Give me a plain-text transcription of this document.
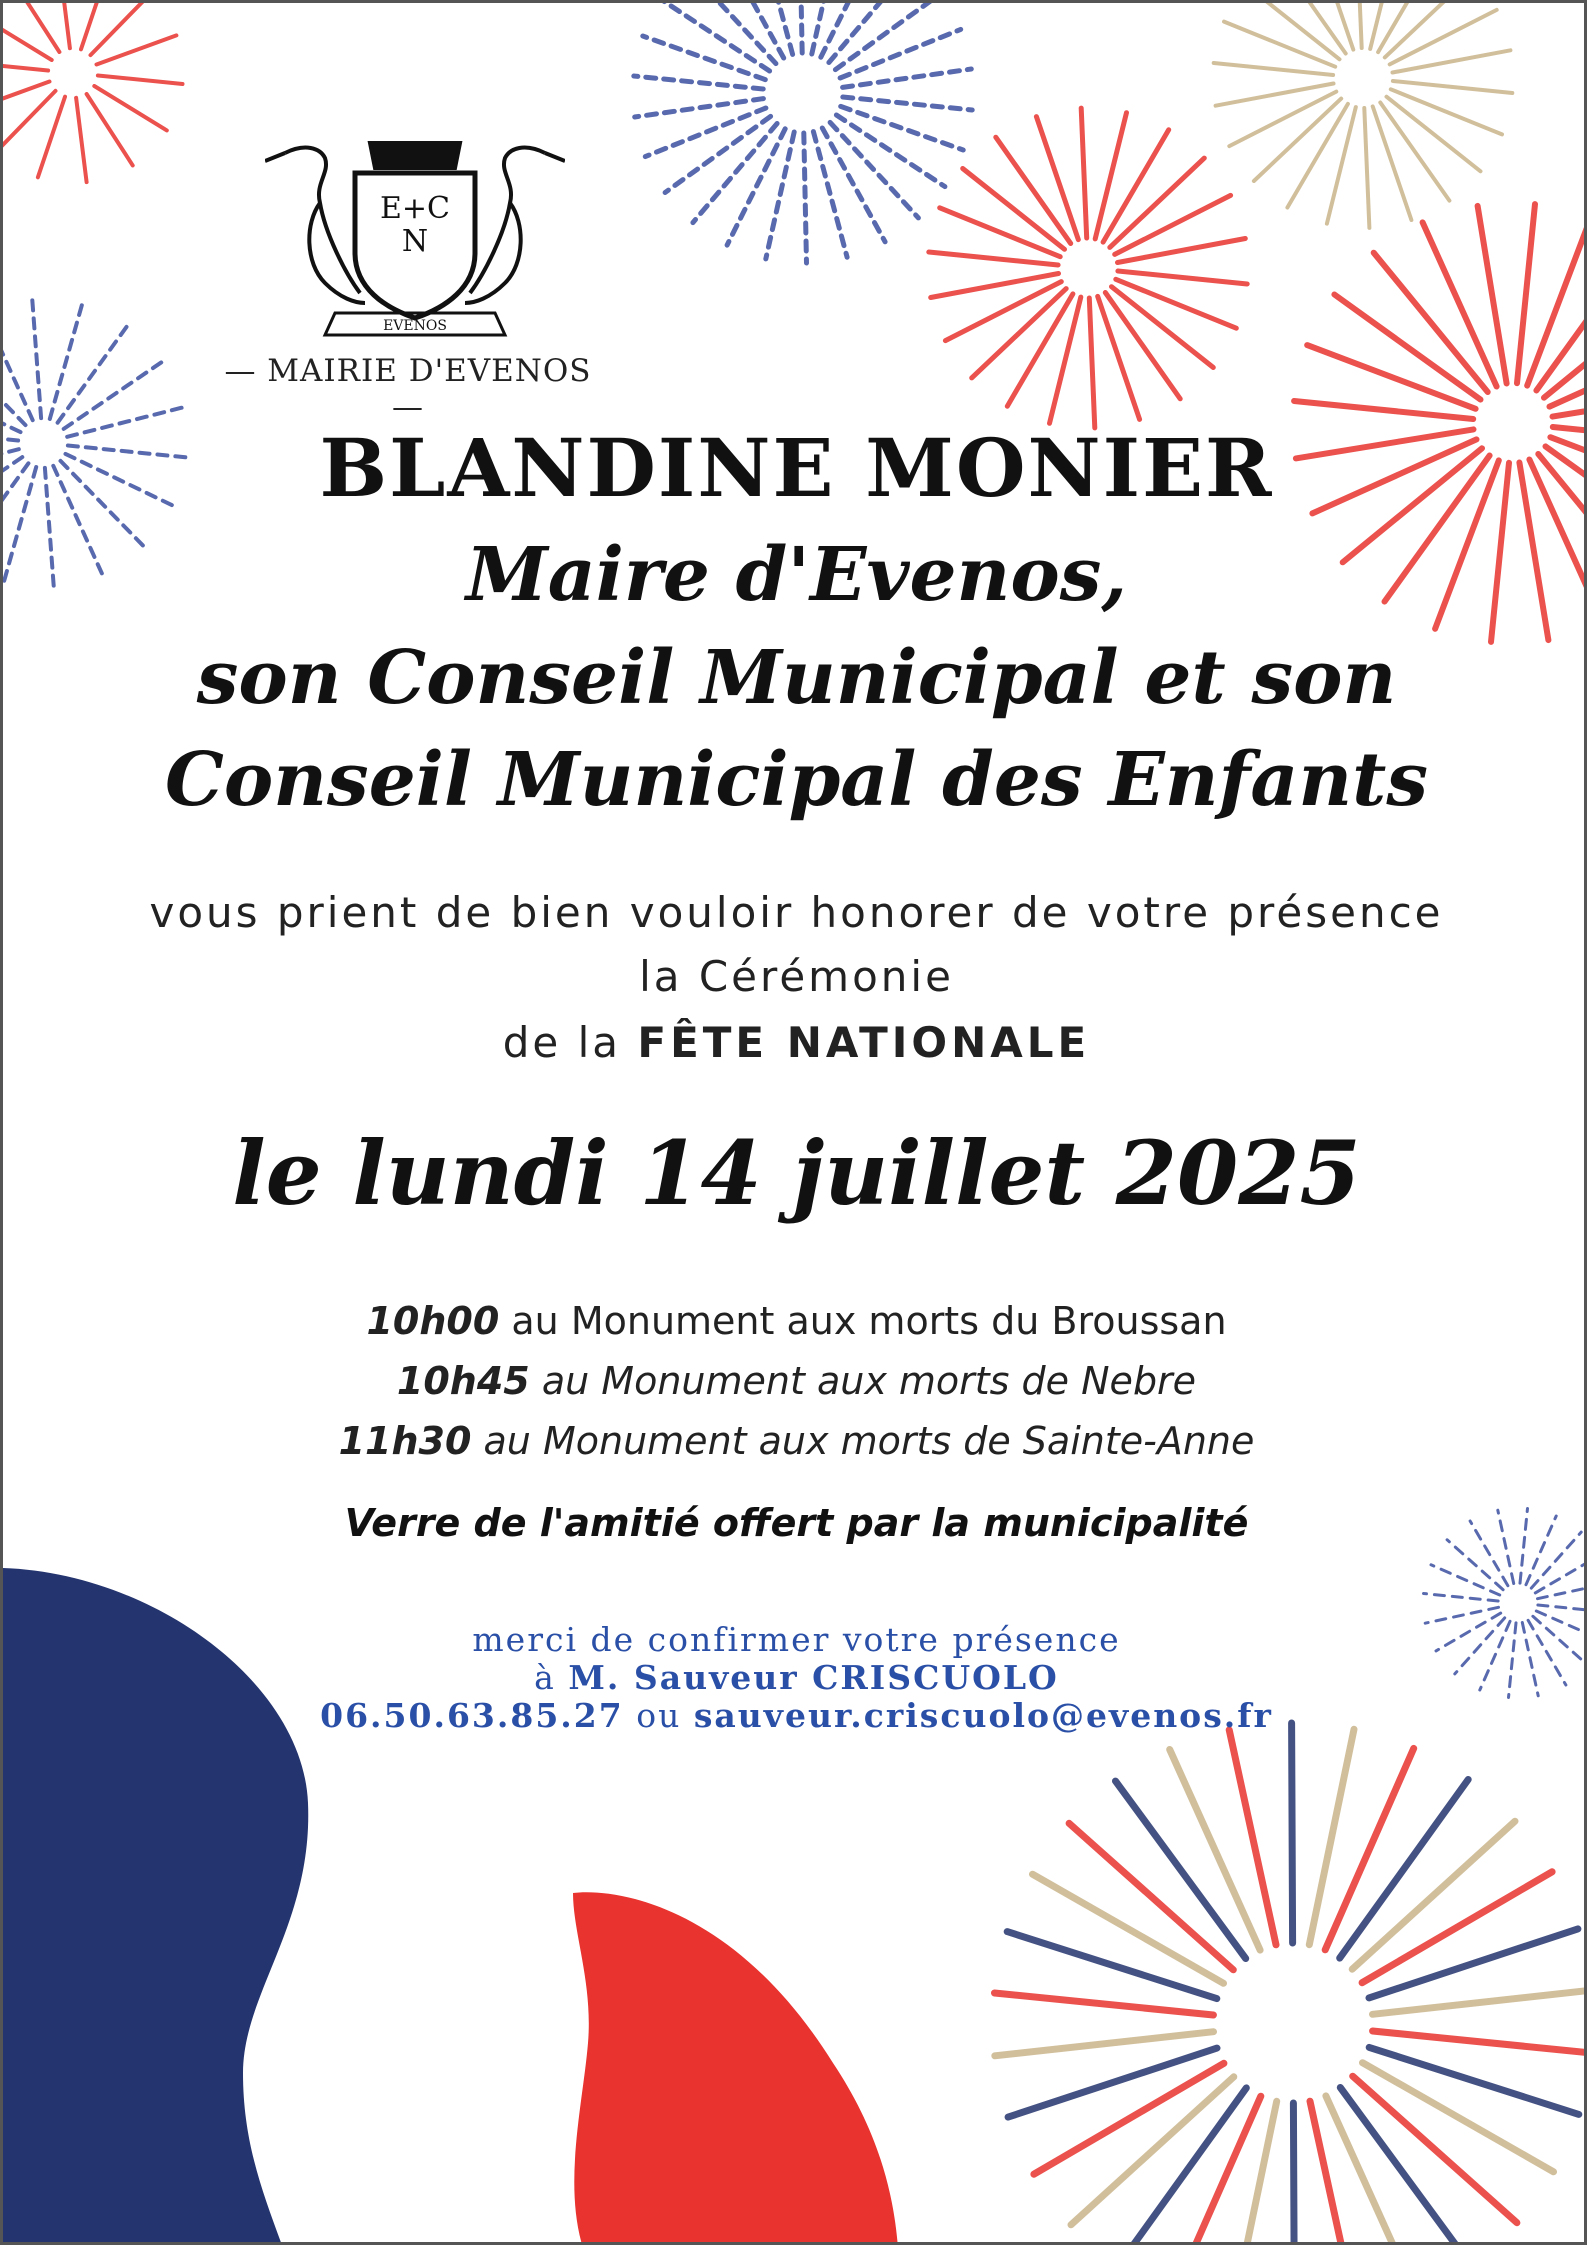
E+C
N
EVENOS

— MAIRIE D'EVENOS —

BLANDINE MONIER

Maire d'Evenos,

son Conseil Municipal et son

Conseil Municipal des Enfants

vous prient de bien vouloir honorer de votre présence

la Cérémonie

de la FÊTE NATIONALE

le lundi 14 juillet 2025

10h00 au Monument aux morts du Broussan

10h45 au Monument aux morts de Nebre

11h30 au Monument aux morts de Sainte-Anne

Verre de l'amitié offert par la municipalité

merci de confirmer votre présence

à M. Sauveur CRISCUOLO

06.50.63.85.27 ou sauveur.criscuolo@evenos.fr
